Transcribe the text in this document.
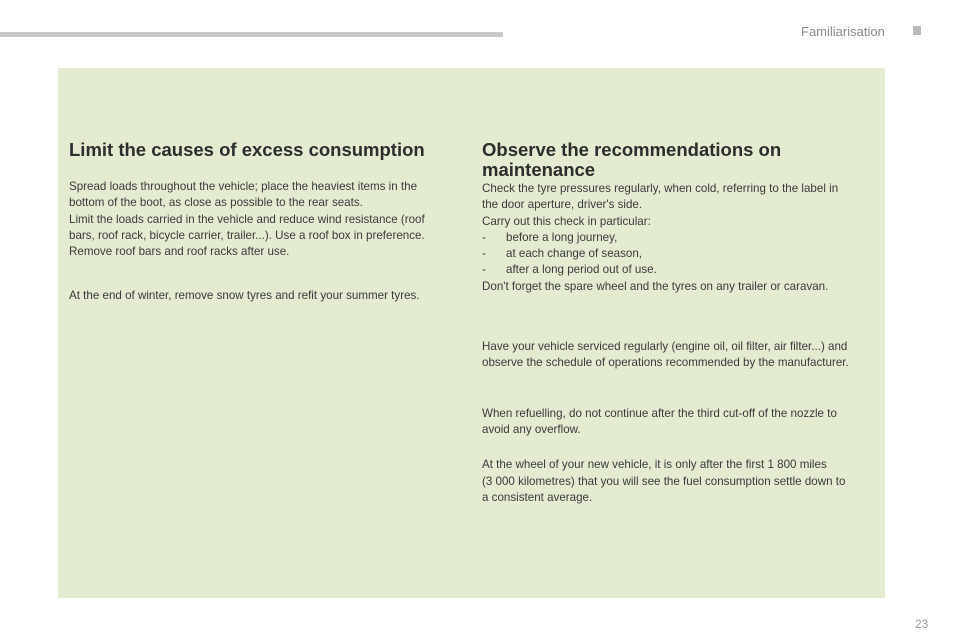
Familiarisation
Limit the causes of excess consumption

Spread loads throughout the vehicle; place the heaviest items in the

bottom of the boot, as close as possible to the rear seats.

Limit the loads carried in the vehicle and reduce wind resistance (roof

bars, roof rack, bicycle carrier, trailer...). Use a roof box in preference.

Remove roof bars and roof racks after use.

At the end of winter, remove snow tyres and refit your summer tyres.

Observe the recommendations on
maintenance

Check the tyre pressures regularly, when cold, referring to the label in

the door aperture, driver's side.

Carry out this check in particular:

-	before a long journey,

-	at each change of season,

-	after a long period out of use.

Don't forget the spare wheel and the tyres on any trailer or caravan.

Have your vehicle serviced regularly (engine oil, oil filter, air filter...) and

observe the schedule of operations recommended by the manufacturer.

When refuelling, do not continue after the third cut-off of the nozzle to

avoid any overflow.

At the wheel of your new vehicle, it is only after the first 1 800 miles

(3 000 kilometres) that you will see the fuel consumption settle down to

a consistent average.

23
